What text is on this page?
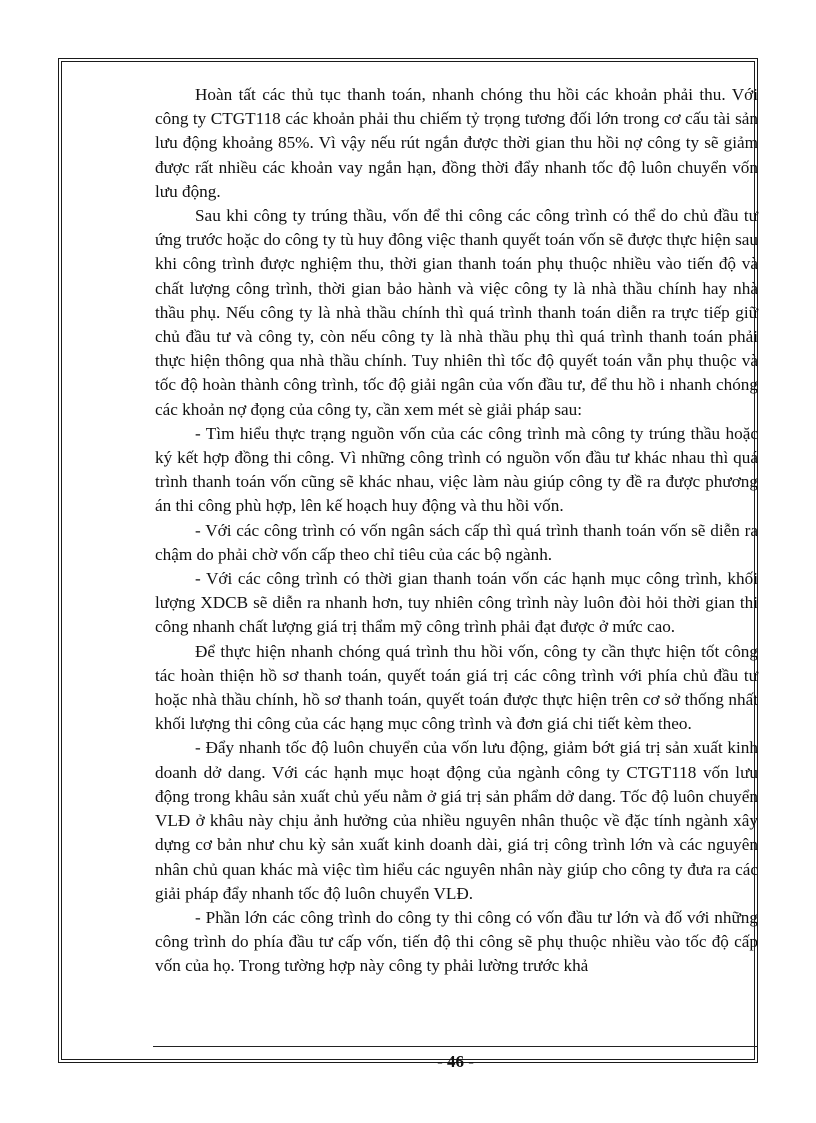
Hoàn tất các thủ tục thanh toán, nhanh chóng thu hồi các khoản phải thu. Với công ty CTGT118 các khoản phải thu chiếm tỷ trọng tương đối lớn trong cơ cấu tài sản lưu động khoảng 85%. Vì vậy nếu rút ngắn được thời gian thu hồi nợ công ty sẽ giảm được rất nhiều các khoản vay ngắn hạn, đồng thời đẩy nhanh tốc độ luôn chuyển vốn lưu động.

Sau khi công ty trúng thầu, vốn để thi công các công trình có thể do chủ đầu tư ứng trước hoặc do công ty tù huy đông việc thanh quyết toán vốn sẽ được thực hiện sau khi công trình được nghiệm thu, thời gian thanh toán phụ thuộc nhiều vào tiến độ và chất lượng công trình, thời gian bảo hành và việc công ty là nhà thầu chính hay nhà thầu phụ. Nếu công ty là nhà thầu chính thì quá trình thanh toán diễn ra trực tiếp giữ chủ đầu tư và công ty, còn nếu công ty là nhà thầu phụ thì quá trình thanh toán phải thực hiện thông qua nhà thầu chính. Tuy nhiên thì tốc độ quyết toán vẫn phụ thuộc và tốc độ hoàn thành công trình, tốc độ giải ngân của vốn đầu tư, để thu hồ i nhanh chóng các khoản nợ đọng của công ty, cần xem mét sè giải pháp sau:

- Tìm hiểu thực trạng nguồn vốn của các công trình mà công ty trúng thầu hoặc ký kết hợp đồng thi công. Vì những công trình có nguồn vốn đầu tư khác nhau thì quá trình thanh toán vốn cũng sẽ khác nhau, việc làm nàu giúp công ty đề ra được phương án thi công phù hợp, lên kế hoạch huy động và thu hồi vốn.

- Với các công trình có vốn ngân sách cấp thì quá trình thanh toán vốn sẽ diễn ra chậm do phải chờ vốn cấp theo chỉ tiêu của các bộ ngành.

- Với các công trình có thời gian thanh toán vốn các hạnh mục công trình, khối lượng XDCB sẽ diễn ra nhanh hơn, tuy nhiên công trình này luôn đòi hỏi thời gian thi công nhanh chất lượng giá trị thẩm mỹ công trình phải đạt được ở mức cao.

Để thực hiện nhanh chóng quá trình thu hồi vốn, công ty cần thực hiện tốt công tác hoàn thiện hồ sơ thanh toán, quyết toán giá trị các công trình với phía chủ đầu tư hoặc nhà thầu chính, hồ sơ thanh toán, quyết toán được thực hiện trên cơ sở thống nhất khối lượng thi công của các hạng mục công trình và đơn giá chi tiết kèm theo.

- Đẩy nhanh tốc độ luôn chuyển của vốn lưu động, giảm bớt giá trị sản xuất kinh doanh dở dang. Với các hạnh mục hoạt động của ngành công ty CTGT118 vốn lưu động trong khâu sản xuất chủ yếu nằm ở giá trị sản phẩm dở dang. Tốc độ luôn chuyển VLĐ ở khâu này chịu ảnh hưởng của nhiều nguyên nhân thuộc về đặc tính ngành xây dựng cơ bản như chu kỳ sản xuất kinh doanh dài, giá trị công trình lớn và các nguyên nhân chủ quan khác mà việc tìm hiểu các nguyên nhân này giúp cho công ty đưa ra các giải pháp đẩy nhanh tốc độ luôn chuyển VLĐ.

- Phần lớn các công trình do công ty thi công có vốn đầu tư lớn và đố với những công trình do phía đầu tư cấp vốn, tiến độ thi công sẽ phụ thuộc nhiều vào tốc độ cấp vốn của họ. Trong tường hợp này công ty phải lường trước khả

- 46 -
